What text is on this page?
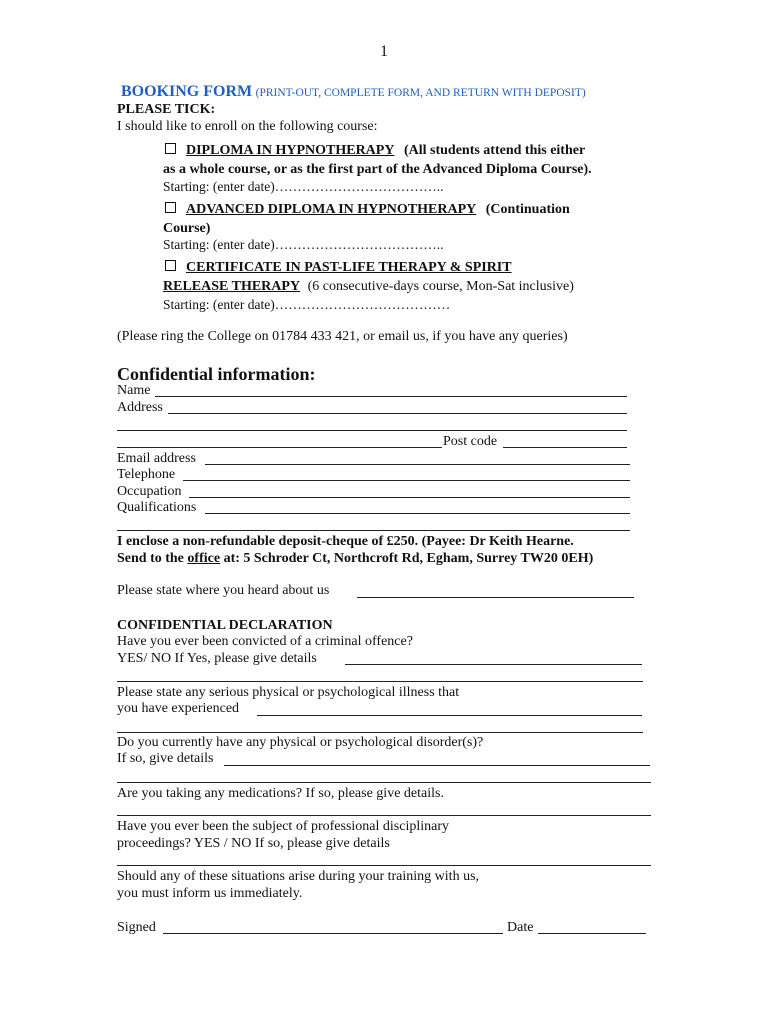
1
BOOKING FORM (PRINT-OUT, COMPLETE FORM, AND RETURN WITH DEPOSIT)
PLEASE TICK:
I should like to enroll on the following course:
DIPLOMA IN HYPNOTHERAPY (All students attend this either
as a whole course, or as the first part of the Advanced Diploma Course).
Starting: (enter date)………………………………..
ADVANCED DIPLOMA IN HYPNOTHERAPY (Continuation
Course)
Starting: (enter date)………………………………..
CERTIFICATE IN PAST-LIFE THERAPY & SPIRIT
RELEASE THERAPY (6 consecutive-days course, Mon-Sat inclusive)
Starting: (enter date)…………………………………
(Please ring the College on 01784 433 421, or email us, if you have any queries)
Confidential information:
Name
Address
Post code
Email address
Telephone
Occupation
Qualifications
I enclose a non-refundable deposit-cheque of £250. (Payee: Dr Keith Hearne.
Send to the office at: 5 Schroder Ct, Northcroft Rd, Egham, Surrey TW20 0EH)
Please state where you heard about us
CONFIDENTIAL DECLARATION
Have you ever been convicted of a criminal offence?
YES/ NO If Yes, please give details
Please state any serious physical or psychological illness that
you have experienced
Do you currently have any physical or psychological disorder(s)?
If so, give details
Are you taking any medications? If so, please give details.
Have you ever been the subject of professional disciplinary
proceedings? YES / NO If so, please give details
Should any of these situations arise during your training with us,
you must inform us immediately.
Signed	Date
